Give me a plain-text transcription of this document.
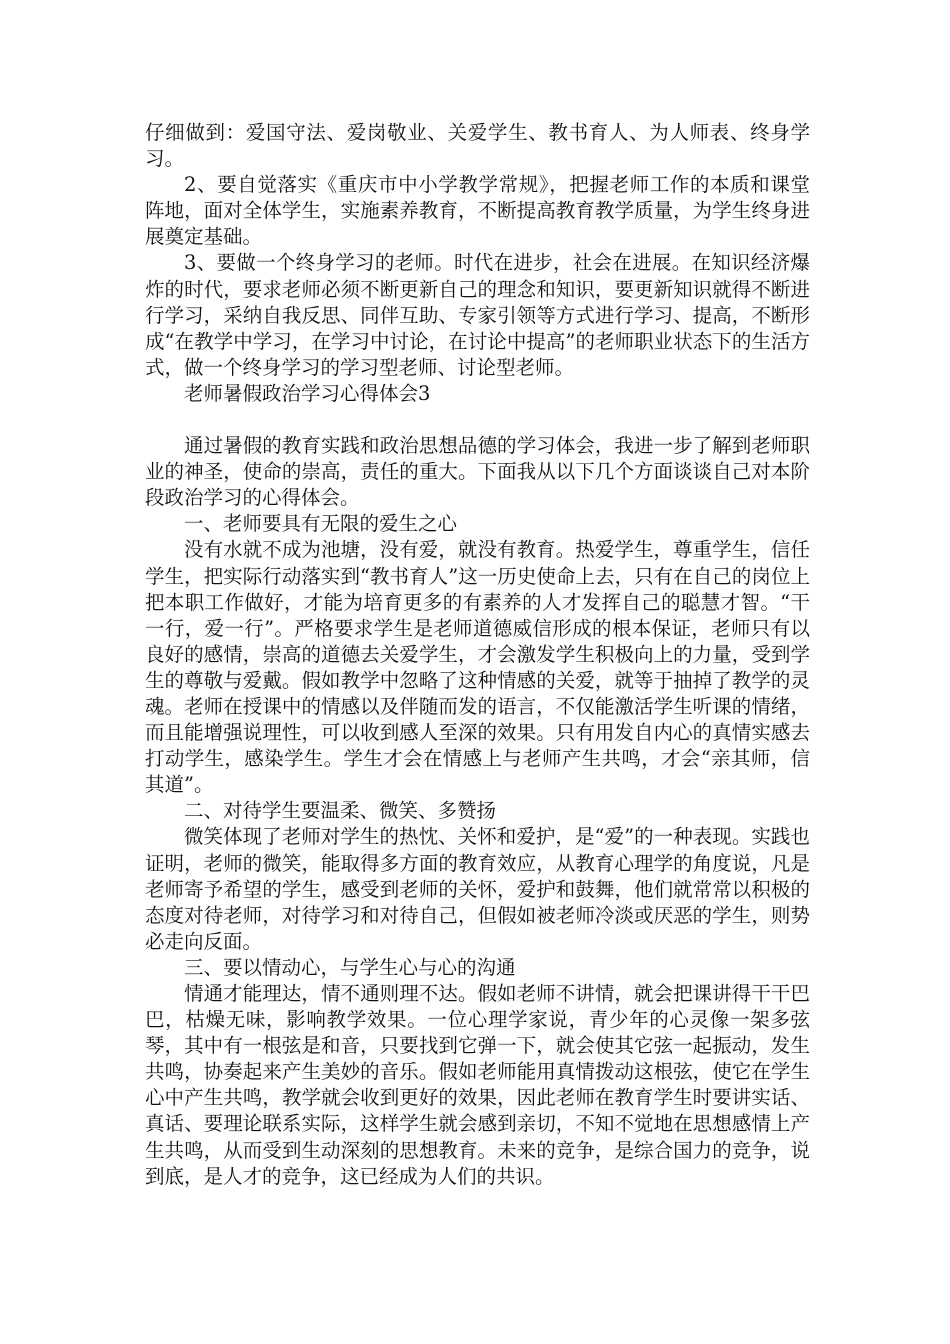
仔细做到：爱国守法、爱岗敬业、关爱学生、教书育人、为人师表、终身学习。

2、要自觉落实《重庆市中小学教学常规》，把握老师工作的本质和课堂阵地，面对全体学生，实施素养教育，不断提高教育教学质量，为学生终身进展奠定基础。

3、要做一个终身学习的老师。时代在进步，社会在进展。在知识经济爆炸的时代，要求老师必须不断更新自己的理念和知识，要更新知识就得不断进行学习，采纳自我反思、同伴互助、专家引领等方式进行学习、提高，不断形成“在教学中学习，在学习中讨论，在讨论中提高”的老师职业状态下的生活方式，做一个终身学习的学习型老师、讨论型老师。

老师暑假政治学习心得体会3

通过暑假的教育实践和政治思想品德的学习体会，我进一步了解到老师职业的神圣，使命的崇高，责任的重大。下面我从以下几个方面谈谈自己对本阶段政治学习的心得体会。

一、老师要具有无限的爱生之心

没有水就不成为池塘，没有爱，就没有教育。热爱学生，尊重学生，信任学生，把实际行动落实到“教书育人”这一历史使命上去，只有在自己的岗位上把本职工作做好，才能为培育更多的有素养的人才发挥自己的聪慧才智。“干一行，爱一行”。严格要求学生是老师道德威信形成的根本保证，老师只有以良好的感情，崇高的道德去关爱学生，才会激发学生积极向上的力量，受到学生的尊敬与爱戴。假如教学中忽略了这种情感的关爱，就等于抽掉了教学的灵魂。老师在授课中的情感以及伴随而发的语言，不仅能激活学生听课的情绪，而且能增强说理性，可以收到感人至深的效果。只有用发自内心的真情实感去打动学生，感染学生。学生才会在情感上与老师产生共鸣，才会“亲其师，信其道”。

二、对待学生要温柔、微笑、多赞扬

微笑体现了老师对学生的热忱、关怀和爱护，是“爱”的一种表现。实践也证明，老师的微笑，能取得多方面的教育效应，从教育心理学的角度说，凡是老师寄予希望的学生，感受到老师的关怀，爱护和鼓舞，他们就常常以积极的态度对待老师，对待学习和对待自己，但假如被老师冷淡或厌恶的学生，则势必走向反面。

三、要以情动心，与学生心与心的沟通

情通才能理达，情不通则理不达。假如老师不讲情，就会把课讲得干干巴巴，枯燥无味，影响教学效果。一位心理学家说，青少年的心灵像一架多弦琴，其中有一根弦是和音，只要找到它弹一下，就会使其它弦一起振动，发生共鸣，协奏起来产生美妙的音乐。假如老师能用真情拨动这根弦，使它在学生心中产生共鸣，教学就会收到更好的效果，因此老师在教育学生时要讲实话、真话、要理论联系实际，这样学生就会感到亲切，不知不觉地在思想感情上产生共鸣，从而受到生动深刻的思想教育。未来的竞争，是综合国力的竞争，说到底，是人才的竞争，这已经成为人们的共识。
